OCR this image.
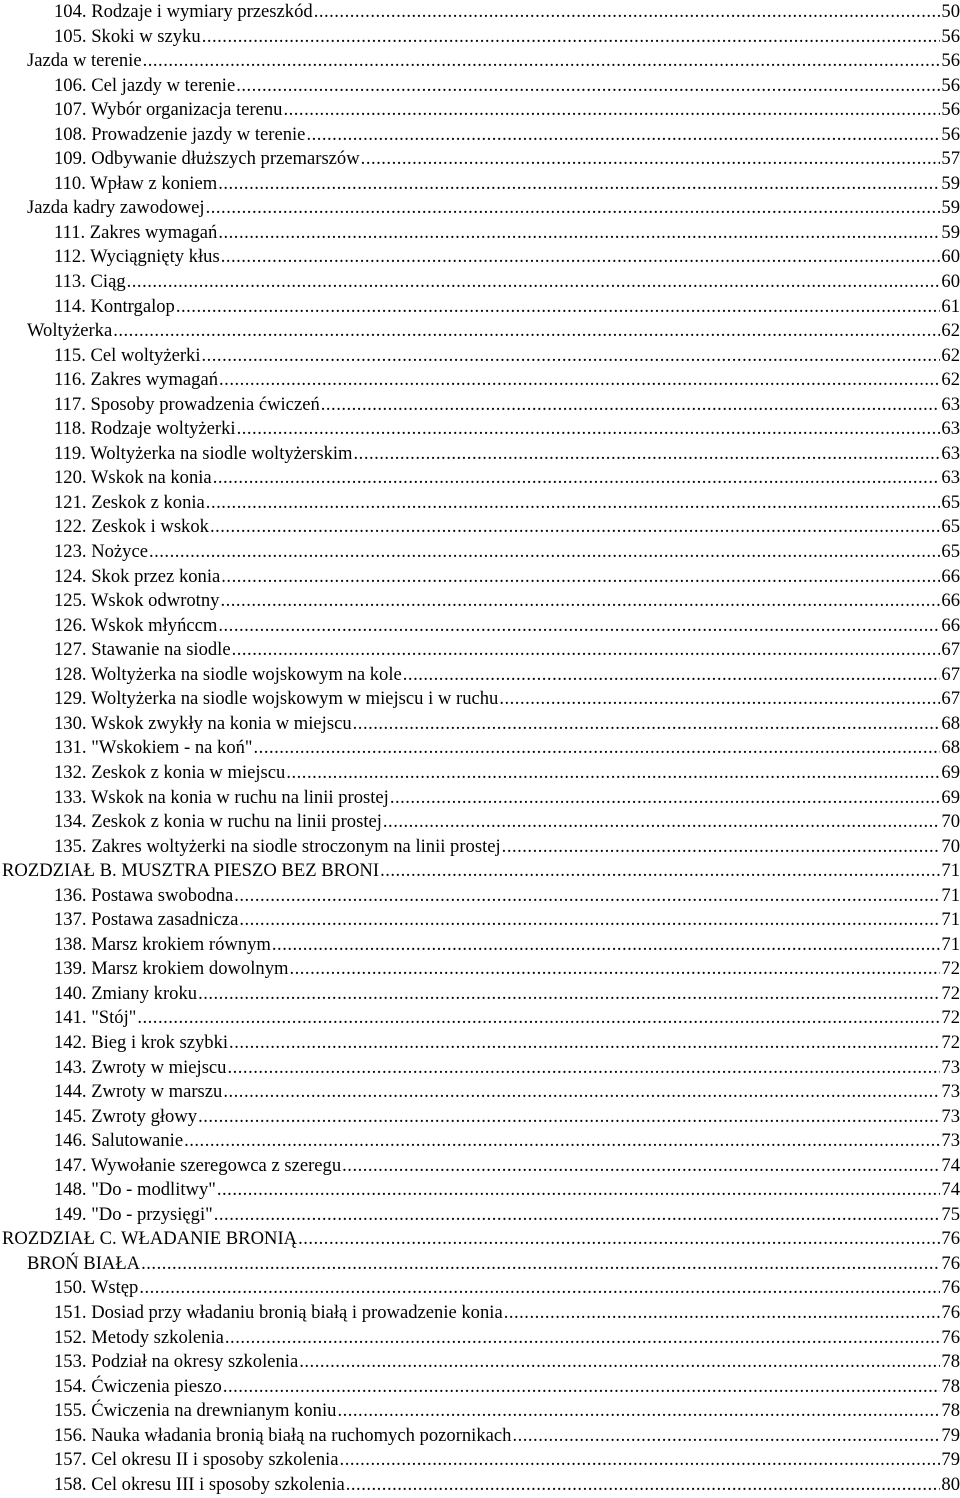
104. Rodzaje i wymiary przeszkód .....	50
105. Skoki w szyku .....	56
Jazda w terenie .....	56
106. Cel jazdy w terenie .....	56
107. Wybór organizacja terenu .....	56
108. Prowadzenie jazdy w terenie .....	56
109. Odbywanie dłuższych przemarszów .....	57
110. Wpław z koniem .....	59
Jazda kadry zawodowej .....	59
111. Zakres wymagań .....	59
112. Wyciągnięty kłus .....	60
113. Ciąg .....	60
114. Kontrgalop .....	61
Woltyżerka .....	62
115. Cel woltyżerki .....	62
116. Zakres wymagań .....	62
117. Sposoby prowadzenia ćwiczeń .....	63
118. Rodzaje woltyżerki .....	63
119. Woltyżerka na siodle woltyżerskim .....	63
120. Wskok na konia .....	63
121. Zeskok z konia .....	65
122. Zeskok i wskok .....	65
123. Nożyce .....	65
124. Skok przez konia .....	66
125. Wskok odwrotny .....	66
126. Wskok młyńccm .....	66
127. Stawanie na siodle .....	67
128. Woltyżerka na siodle wojskowym na kole .....	67
129. Woltyżerka na siodle wojskowym w miejscu i w ruchu .....	67
130. Wskok zwykły na konia w miejscu .....	68
131. "Wskokiem - na koń" .....	68
132. Zeskok z konia w miejscu .....	69
133. Wskok na konia w ruchu na linii prostej .....	69
134. Zeskok z konia w ruchu na linii prostej .....	70
135. Zakres woltyżerki na siodle stroczonym na linii prostej .....	70
ROZDZIAŁ B. MUSZTRA PIESZO BEZ BRONI .....	71
136. Postawa swobodna .....	71
137. Postawa zasadnicza .....	71
138. Marsz krokiem równym .....	71
139. Marsz krokiem dowolnym .....	72
140. Zmiany kroku .....	72
141. "Stój" .....	72
142. Bieg i krok szybki .....	72
143. Zwroty w miejscu .....	73
144. Zwroty w marszu .....	73
145. Zwroty głowy .....	73
146. Salutowanie .....	73
147. Wywołanie szeregowca z szeregu .....	74
148. "Do - modlitwy" .....	74
149. "Do - przysięgi" .....	75
ROZDZIAŁ C. WŁADANIE BRONIĄ .....	76
BROŃ BIAŁA .....	76
150. Wstęp .....	76
151. Dosiad przy władaniu bronią białą i prowadzenie konia .....	76
152. Metody szkolenia .....	76
153. Podział na okresy szkolenia .....	78
154. Ćwiczenia pieszo .....	78
155. Ćwiczenia na drewnianym koniu .....	78
156. Nauka władania bronią białą na ruchomych pozornikach .....	79
157. Cel okresu II i sposoby szkolenia .....	79
158. Cel okresu III i sposoby szkolenia .....	80
